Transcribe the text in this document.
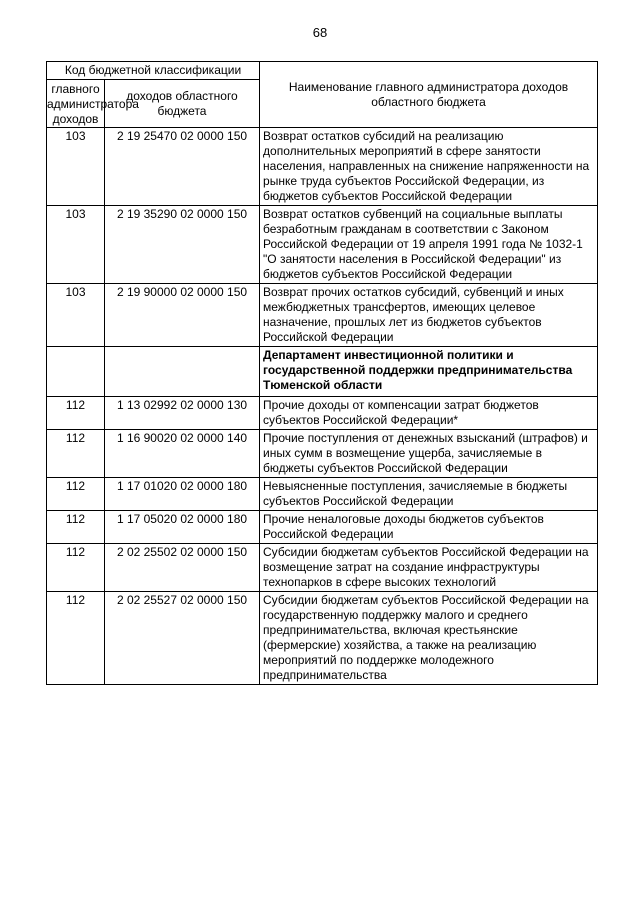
68
Код бюджетной классификации		Наименование главного администратора доходов областного бюджета
главного администратора доходов	доходов областного бюджета	
103	2 19 25470 02 0000 150	Возврат остатков субсидий на реализацию дополнительных мероприятий в сфере занятости населения, направленных на снижение напряженности на рынке труда субъектов Российской Федерации, из бюджетов субъектов Российской Федерации
103	2 19 35290 02 0000 150	Возврат остатков субвенций на социальные выплаты безработным гражданам в соответствии с Законом Российской Федерации от 19 апреля 1991 года № 1032-1 "О занятости населения в Российской Федерации" из бюджетов субъектов Российской Федерации
103	2 19 90000 02 0000 150	Возврат прочих остатков субсидий, субвенций и иных межбюджетных трансфертов, имеющих целевое назначение, прошлых лет из бюджетов субъектов Российской Федерации
		Департамент инвестиционной политики и государственной поддержки предпринимательства Тюменской области
112	1 13 02992 02 0000 130	Прочие доходы от компенсации затрат бюджетов субъектов Российской Федерации*
112	1 16 90020 02 0000 140	Прочие поступления от денежных взысканий (штрафов) и иных сумм в возмещение ущерба, зачисляемые в бюджеты субъектов Российской Федерации
112	1 17 01020 02 0000 180	Невыясненные поступления, зачисляемые в бюджеты субъектов Российской Федерации
112	1 17 05020 02 0000 180	Прочие неналоговые доходы бюджетов субъектов Российской Федерации
112	2 02 25502 02 0000 150	Субсидии бюджетам субъектов Российской Федерации на возмещение затрат на создание инфраструктуры технопарков в сфере высоких технологий
112	2 02 25527 02 0000 150	Субсидии бюджетам субъектов Российской Федерации на государственную поддержку малого и среднего предпринимательства, включая крестьянские (фермерские) хозяйства, а также на реализацию мероприятий по поддержке молодежного предпринимательства
